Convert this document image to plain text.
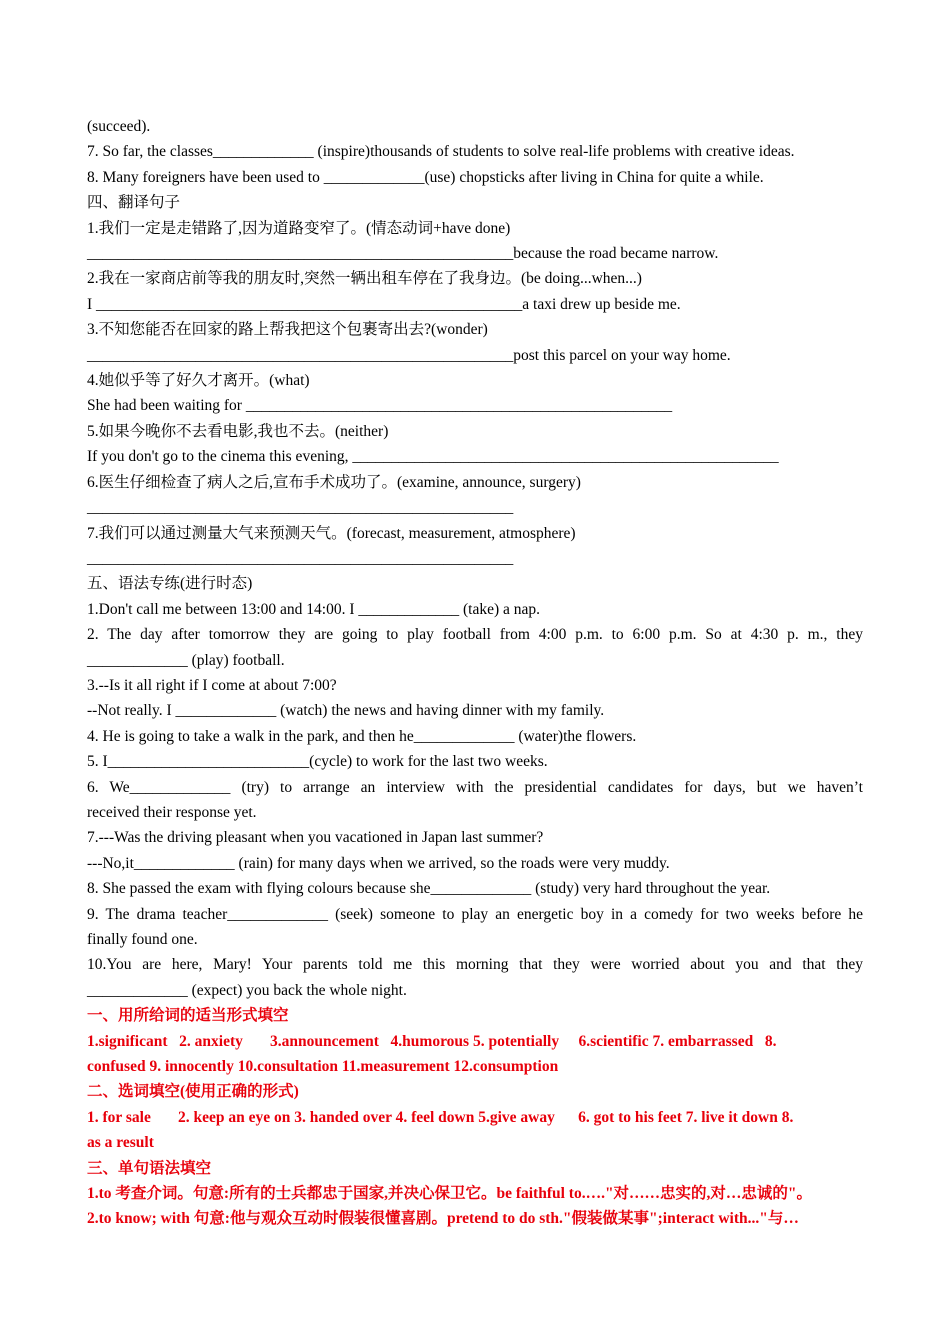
(succeed).
7. So far, the classes_____________ (inspire)thousands of students to solve real-life problems with creative ideas.
8. Many foreigners have been used to _____________(use) chopsticks after living in China for quite a while.
四、翻译句子
1.我们一定是走错路了,因为道路变窄了。(情态动词+have done)
_______________________________________________________because the road became narrow.
2.我在一家商店前等我的朋友时,突然一辆出租车停在了我身边。(be doing...when...)
I _______________________________________________________a taxi drew up beside me.
3.不知您能否在回家的路上帮我把这个包裹寄出去?(wonder)
_______________________________________________________post this parcel on your way home.
4.她似乎等了好久才离开。(what)
She had been waiting for _______________________________________________________
5.如果今晚你不去看电影,我也不去。(neither)
If you don't go to the cinema this evening, _______________________________________________________
6.医生仔细检查了病人之后,宣布手术成功了。(examine, announce, surgery)
_______________________________________________________
7.我们可以通过测量大气来预测天气。(forecast, measurement, atmosphere)
_______________________________________________________
五、语法专练(进行时态)
1.Don't call me between 13:00 and 14:00. I _____________ (take) a nap.
2. The day after tomorrow they are going to play football from 4:00 p.m. to 6:00 p.m. So at 4:30 p. m., they
_____________ (play) football.
3.--Is it all right if I come at about 7:00?
--Not really. I _____________ (watch) the news and having dinner with my family.
4. He is going to take a walk in the park, and then he_____________ (water)the flowers.
5. I__________________________(cycle) to work for the last two weeks.
6. We_____________ (try) to arrange an interview with the presidential candidates for days, but we haven’t
received their response yet.
7.---Was the driving pleasant when you vacationed in Japan last summer?
---No,it_____________ (rain) for many days when we arrived, so the roads were very muddy.
8. She passed the exam with flying colours because she_____________ (study) very hard throughout the year.
9. The drama teacher_____________ (seek) someone to play an energetic boy in a comedy for two weeks before he
finally found one.
10.You are here, Mary! Your parents told me this morning that they were worried about you and that they
_____________ (expect) you back the whole night.
一、用所给词的适当形式填空
1.significant   2. anxiety       3.announcement   4.humorous 5. potentially     6.scientific 7. embarrassed   8.
confused 9. innocently 10.consultation 11.measurement 12.consumption
二、选词填空(使用正确的形式)
1. for sale       2. keep an eye on 3. handed over 4. feel down 5.give away      6. got to his feet 7. live it down 8.
as a result
三、单句语法填空
1.to 考查介词。句意:所有的士兵都忠于国家,并决心保卫它。be faithful to.…."对……忠实的,对…忠诚的"。
2.to know; with 句意:他与观众互动时假装很懂喜剧。pretend to do sth."假装做某事";interact with..."与…
